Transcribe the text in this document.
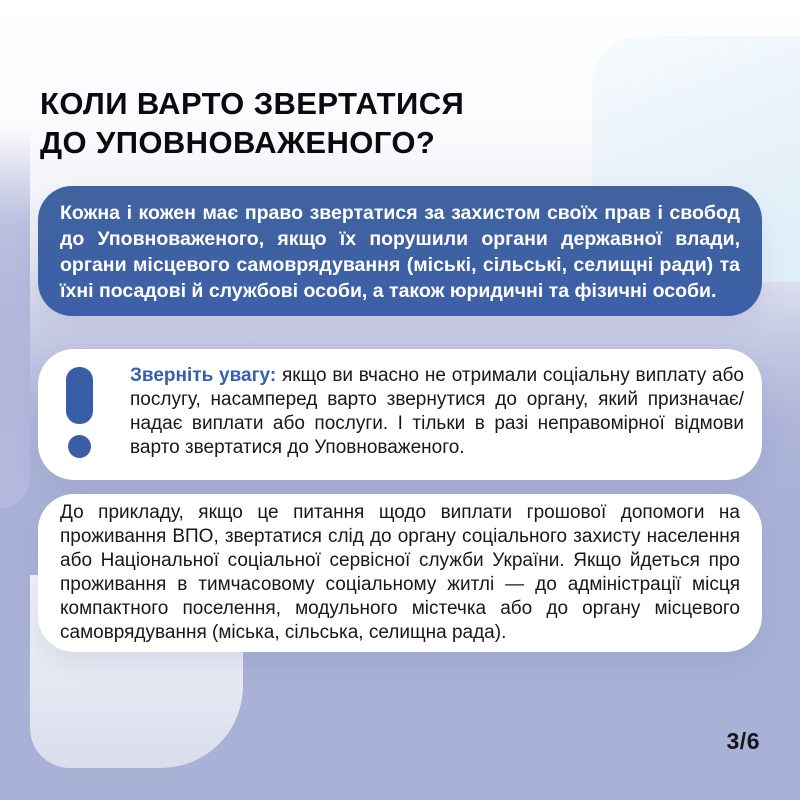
КОЛИ ВАРТО ЗВЕРТАТИСЯ
ДО УПОВНОВАЖЕНОГО?

Кожна і кожен має право звертатися за захистом своїх прав і свобод до Уповноваженого, якщо їх порушили органи державної влади, органи місцевого самоврядування (міські, сільські, селищні ради) та їхні посадові й службові особи, а також юридичні та фізичні особи.

Зверніть увагу: якщо ви вчасно не отримали соціальну виплату або послугу, насамперед варто звернутися до органу, який призначає/надає виплати або послуги. І тільки в разі неправомірної відмови варто звертатися до Уповноваженого.

До прикладу, якщо це питання щодо виплати грошової допомоги на проживання ВПО, звертатися слід до органу соціального захисту населення або Національної соціальної сервісної служби України. Якщо йдеться про проживання в тимчасовому соціальному житлі — до адміністрації місця компактного поселення, модульного містечка або до органу місцевого самоврядування (міська, сільська, селищна рада).

3/6
